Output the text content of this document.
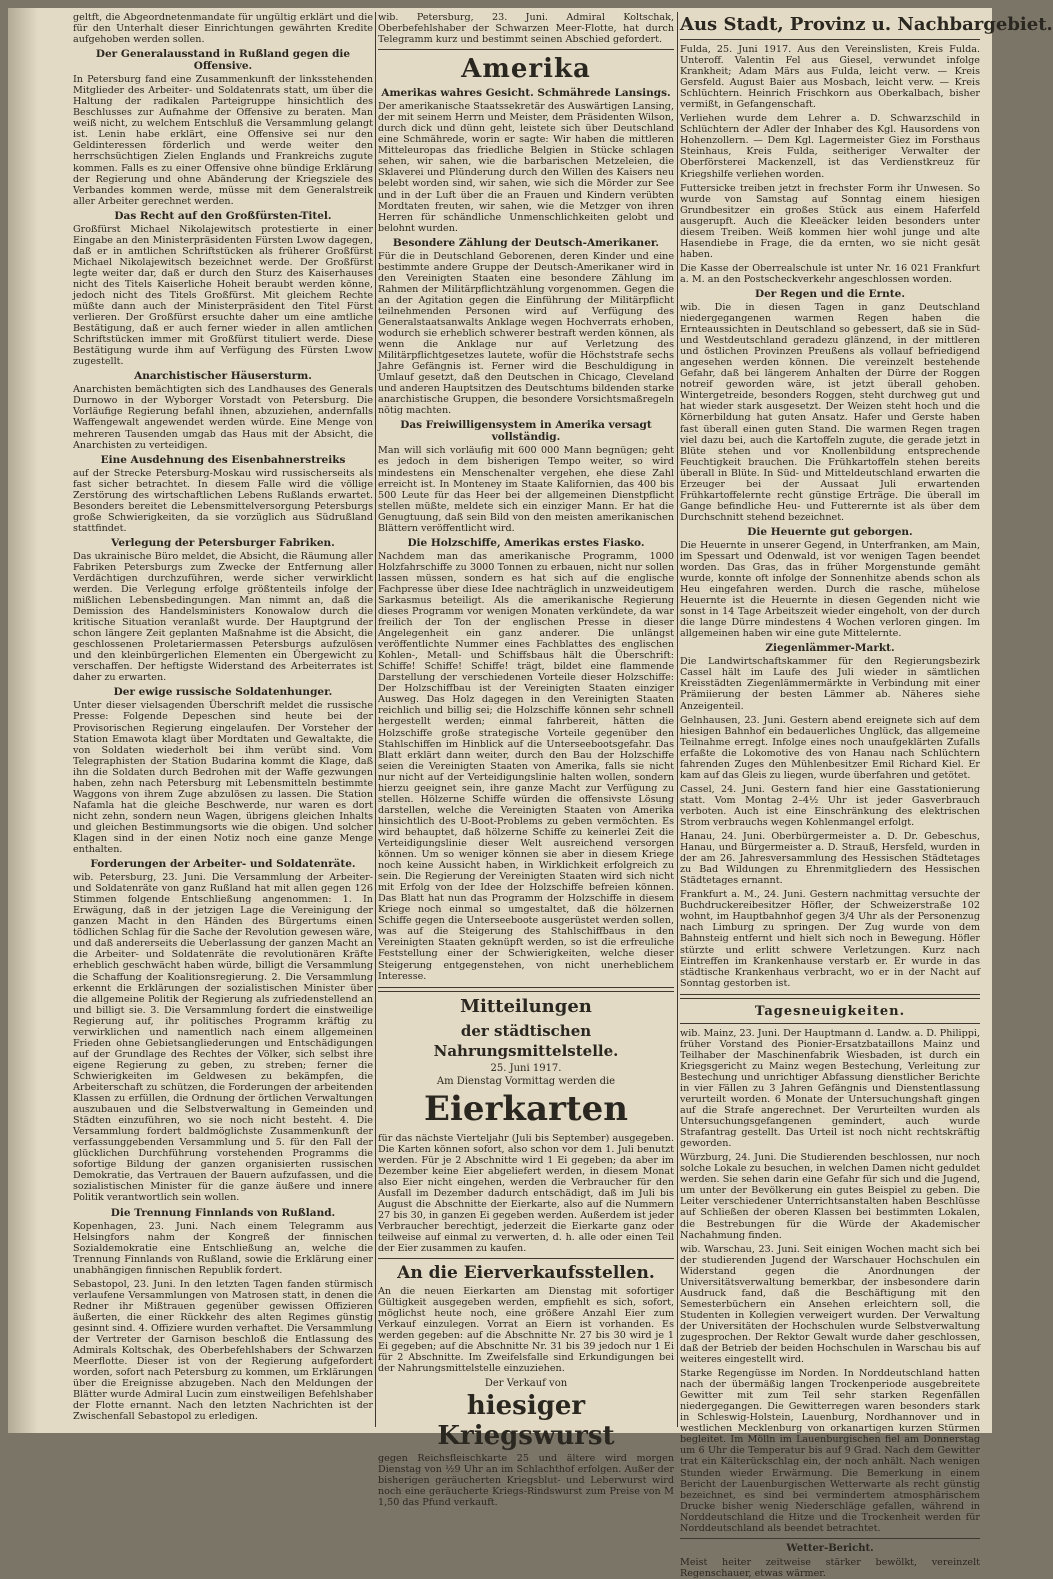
geltft, die Abgeordnetenmandate für ungültig erklärt und die für den Unterhalt dieser Einrichtungen gewährten Kredite aufgehoben werden sollen.

Der Generalausstand in Rußland gegen die Offensive.

In Petersburg fand eine Zusammenkunft der linksstehenden Mitglieder des Arbeiter- und Soldatenrats statt, um über die Haltung der radikalen Parteigruppe hinsichtlich des Beschlusses zur Aufnahme der Offensive zu beraten. Man weiß nicht, zu welchem Entschluß die Versammlung gelangt ist. Lenin habe erklärt, eine Offensive sei nur den Geldinteressen förderlich und werde weiter den herrschsüchtigen Zielen Englands und Frankreichs zugute kommen. Falls es zu einer Offensive ohne bündige Erklärung der Regierung und ohne Abänderung der Kriegsziele des Verbandes kommen werde, müsse mit dem Generalstreik aller Arbeiter gerechnet werden.

Das Recht auf den Großfürsten-Titel.

Großfürst Michael Nikolajewitsch protestierte in einer Eingabe an den Ministerpräsidenten Fürsten Lwow dagegen, daß er in amtlichen Schriftstücken als früherer Großfürst Michael Nikolajewitsch bezeichnet werde. Der Großfürst legte weiter dar, daß er durch den Sturz des Kaiserhauses nicht des Titels Kaiserliche Hoheit beraubt werden könne, jedoch nicht des Titels Großfürst. Mit gleichem Rechte müßte dann auch der Ministerpräsident den Titel Fürst verlieren. Der Großfürst ersuchte daher um eine amtliche Bestätigung, daß er auch ferner wieder in allen amtlichen Schriftstücken immer mit Großfürst tituliert werde. Diese Bestätigung wurde ihm auf Verfügung des Fürsten Lwow zugestellt.

Anarchistischer Häusersturm.

Anarchisten bemächtigten sich des Landhauses des Generals Durnowo in der Wyborger Vorstadt von Petersburg. Die Vorläufige Regierung befahl ihnen, abzuziehen, andernfalls Waffengewalt angewendet werden würde. Eine Menge von mehreren Tausenden umgab das Haus mit der Absicht, die Anarchisten zu verteidigen.

Eine Ausdehnung des Eisenbahnerstreiks

auf der Strecke Petersburg-Moskau wird russischerseits als fast sicher betrachtet. In diesem Falle wird die völlige Zerstörung des wirtschaftlichen Lebens Rußlands erwartet. Besonders bereitet die Lebensmittelversorgung Petersburgs große Schwierigkeiten, da sie vorzüglich aus Südrußland stattfindet.

Verlegung der Petersburger Fabriken.

Das ukrainische Büro meldet, die Absicht, die Räumung aller Fabriken Petersburgs zum Zwecke der Entfernung aller Verdächtigen durchzuführen, werde sicher verwirklicht werden. Die Verlegung erfolge größtenteils infolge der mißlichen Lebensbedingungen. Man nimmt an, daß die Demission des Handelsministers Konowalow durch die kritische Situation veranlaßt wurde. Der Hauptgrund der schon längere Zeit geplanten Maßnahme ist die Absicht, die geschlossenen Proletariermassen Petersburgs aufzulösen und den kleinbürgerlichen Elementen ein Übergewicht zu verschaffen. Der heftigste Widerstand des Arbeiterrates ist daher zu erwarten.

Der ewige russische Soldatenhunger.

Unter dieser vielsagenden Überschrift meldet die russische Presse: Folgende Depeschen sind heute bei der Provisorischen Regierung eingelaufen. Der Vorsteher der Station Emawota klagt über Mordtaten und Gewaltakte, die von Soldaten wiederholt bei ihm verübt sind. Vom Telegraphisten der Station Budarina kommt die Klage, daß ihn die Soldaten durch Bedrohen mit der Waffe gezwungen haben, zehn nach Petersburg mit Lebensmitteln bestimmte Waggons von ihrem Zuge abzulösen zu lassen. Die Station Nafamla hat die gleiche Beschwerde, nur waren es dort nicht zehn, sondern neun Wagen, übrigens gleichen Inhalts und gleichen Bestimmungsorts wie die obigen. Und solcher Klagen sind in der einen Notiz noch eine ganze Menge enthalten.

Forderungen der Arbeiter- und Soldatenräte.

wib. Petersburg, 23. Juni. Die Versammlung der Arbeiter- und Soldatenräte von ganz Rußland hat mit allen gegen 126 Stimmen folgende Entschließung angenommen: 1. In Erwägung, daß in der jetzigen Lage die Vereinigung der ganzen Macht in den Händen des Bürgertums einen tödlichen Schlag für die Sache der Revolution gewesen wäre, und daß andererseits die Ueberlassung der ganzen Macht an die Arbeiter- und Soldatenräte die revolutionären Kräfte erheblich geschwächt haben würde, billigt die Versammlung die Schaffung der Koalitionsregierung. 2. Die Versammlung erkennt die Erklärungen der sozialistischen Minister über die allgemeine Politik der Regierung als zufriedenstellend an und billigt sie. 3. Die Versammlung fordert die einstweilige Regierung auf, ihr politisches Programm kräftig zu verwirklichen und namentlich nach einem allgemeinen Frieden ohne Gebietsangliederungen und Entschädigungen auf der Grundlage des Rechtes der Völker, sich selbst ihre eigene Regierung zu geben, zu streben; ferner die Schwierigkeiten im Geldwesen zu bekämpfen, die Arbeiterschaft zu schützen, die Forderungen der arbeitenden Klassen zu erfüllen, die Ordnung der örtlichen Verwaltungen auszubauen und die Selbstverwaltung in Gemeinden und Städten einzuführen, wo sie noch nicht besteht. 4. Die Versammlung fordert baldmöglichste Zusammenkunft der verfassunggebenden Versammlung und 5. für den Fall der glücklichen Durchführung vorstehenden Programms die sofortige Bildung der ganzen organisierten russischen Demokratie, das Vertrauen der Bauern aufzufassen, und die sozialistischen Minister für die ganze äußere und innere Politik verantwortlich sein wollen.

Die Trennung Finnlands von Rußland.

Kopenhagen, 23. Juni. Nach einem Telegramm aus Helsingfors nahm der Kongreß der finnischen Sozialdemokratie eine Entschließung an, welche die Trennung Finnlands von Rußland, sowie die Erklärung einer unabhängigen finnischen Republik fordert.

Sebastopol, 23. Juni. In den letzten Tagen fanden stürmisch verlaufene Versammlungen von Matrosen statt, in denen die Redner ihr Mißtrauen gegenüber gewissen Offizieren äußerten, die einer Rückkehr des alten Regimes günstig gesinnt sind. 4. Offiziere wurden verhaftet. Die Versammlung der Vertreter der Garnison beschloß die Entlassung des Admirals Koltschak, des Oberbefehlshabers der Schwarzen Meerflotte. Dieser ist von der Regierung aufgefordert worden, sofort nach Petersburg zu kommen, um Erklärungen über die Ereignisse abzugeben. Nach den Meldungen der Blätter wurde Admiral Lucin zum einstweiligen Befehlshaber der Flotte ernannt. Nach den letzten Nachrichten ist der Zwischenfall Sebastopol zu erledigen.

wib. Petersburg, 23. Juni. Admiral Koltschak, Oberbefehlshaber der Schwarzen Meer-Flotte, hat durch Telegramm kurz und bestimmt seinen Abschied gefordert.

Amerika
Amerikas wahres Gesicht. Schmährede Lansings.

Der amerikanische Staatssekretär des Auswärtigen Lansing, der mit seinem Herrn und Meister, dem Präsidenten Wilson, durch dick und dünn geht, leistete sich über Deutschland eine Schmährede, worin er sagte: Wir haben die mittleren Mitteleuropas das friedliche Belgien in Stücke schlagen sehen, wir sahen, wie die barbarischen Metzeleien, die Sklaverei und Plünderung durch den Willen des Kaisers neu belebt worden sind, wir sahen, wie sich die Mörder zur See und in der Luft über die an Frauen und Kindern verübten Mordtaten freuten, wir sahen, wie die Metzger von ihren Herren für schändliche Unmenschlichkeiten gelobt und belohnt wurden.

Besondere Zählung der Deutsch-Amerikaner.

Für die in Deutschland Geborenen, deren Kinder und eine bestimmte andere Gruppe der Deutsch-Amerikaner wird in den Vereinigten Staaten eine besondere Zählung im Rahmen der Militärpflichtzählung vorgenommen. Gegen die an der Agitation gegen die Einführung der Militärpflicht teilnehmenden Personen wird auf Verfügung des Generalstaatsanwalts Anklage wegen Hochverrats erhoben, wodurch sie erheblich schwerer bestraft werden können, als wenn die Anklage nur auf Verletzung des Militärpflichtgesetzes lautete, wofür die Höchststrafe sechs Jahre Gefängnis ist. Ferner wird die Beschuldigung in Umlauf gesetzt, daß den Deutschen in Chicago, Cleveland und anderen Hauptsitzen des Deutschtums bildenden starke anarchistische Gruppen, die besondere Vorsichtsmaßregeln nötig machten.

Das Freiwilligensystem in Amerika versagt vollständig.

Man will sich vorläufig mit 600 000 Mann begnügen; geht es jedoch in dem bisherigen Tempo weiter, so wird mindestens ein Menschenalter vergehen, ehe diese Zahl erreicht ist. In Monteney im Staate Kalifornien, das 400 bis 500 Leute für das Heer bei der allgemeinen Dienstpflicht stellen müßte, meldete sich ein einziger Mann. Er hat die Genugtuung, daß sein Bild von den meisten amerikanischen Blättern veröffentlicht wird.

Die Holzschiffe, Amerikas erstes Fiasko.

Nachdem man das amerikanische Programm, 1000 Holzfahrschiffe zu 3000 Tonnen zu erbauen, nicht nur sollen lassen müssen, sondern es hat sich auf die englische Fachpresse über diese Idee nachträglich in unzweideutigem Sarkasmus beteiligt. Als die amerikanische Regierung dieses Programm vor wenigen Monaten verkündete, da war freilich der Ton der englischen Presse in dieser Angelegenheit ein ganz anderer. Die unlängst veröffentlichte Nummer eines Fachblattes des englischen Kohlen-, Metall- und Schiffsbaus hält die Überschrift: Schiffe! Schiffe! Schiffe! trägt, bildet eine flammende Darstellung der verschiedenen Vorteile dieser Holzschiffe: Der Holzschiffbau ist der Vereinigten Staaten einziger Ausweg. Das Holz dagegen in den Vereinigten Staaten reichlich und billig sei; die Holzschiffe können sehr schnell hergestellt werden; einmal fahrbereit, hätten die Holzschiffe große strategische Vorteile gegenüber den Stahlschiffen im Hinblick auf die Unterseebootsgefahr. Das Blatt erklärt dann weiter, durch den Bau der Holzschiffe seien die Vereinigten Staaten von Amerika, falls sie nicht nur nicht auf der Verteidigungslinie halten wollen, sondern hierzu geeignet sein, ihre ganze Macht zur Verfügung zu stellen. Hölzerne Schiffe würden die offensivste Lösung darstellen, welche die Vereinigten Staaten von Amerika hinsichtlich des U-Boot-Problems zu geben vermöchten. Es wird behauptet, daß hölzerne Schiffe zu keinerlei Zeit die Verteidigungslinie dieser Welt ausreichend versorgen können. Um so weniger können sie aber in diesem Kriege noch keine Aussicht haben, in Wirklichkeit erfolgreich zu sein. Die Regierung der Vereinigten Staaten wird sich nicht mit Erfolg von der Idee der Holzschiffe befreien können. Das Blatt hat nun das Programm der Holzschiffe in diesem Kriege noch einmal so umgestaltet, daß die hölzernen Schiffe gegen die Unterseeboote ausgerüstet werden sollen, was auf die Steigerung des Stahlschiffbaus in den Vereinigten Staaten geknüpft werden, so ist die erfreuliche Feststellung einer der Schwierigkeiten, welche dieser Steigerung entgegenstehen, von nicht unerheblichem Interesse.

Mitteilungen
der städtischen Nahrungsmittelstelle.
25. Juni 1917.
Am Dienstag Vormittag werden die
Eierkarten

für das nächste Vierteljahr (Juli bis September) ausgegeben. Die Karten können sofort, also schon vor dem 1. Juli benutzt werden. Für je 2 Abschnitte wird 1 Ei gegeben; da aber im Dezember keine Eier abgeliefert werden, in diesem Monat also Eier nicht eingehen, werden die Verbraucher für den Ausfall im Dezember dadurch entschädigt, daß im Juli bis August die Abschnitte der Eierkarte, also auf die Nummern 27 bis 30, in ganzen Ei gegeben werden. Außerdem ist jeder Verbraucher berechtigt, jederzeit die Eierkarte ganz oder teilweise auf einmal zu verwerten, d. h. alle oder einen Teil der Eier zusammen zu kaufen.

An die Eierverkaufsstellen.

An die neuen Eierkarten am Dienstag mit sofortiger Gültigkeit ausgegeben werden, empfiehlt es sich, sofort, möglichst heute noch, eine größere Anzahl Eier zum Verkauf einzulegen. Vorrat an Eiern ist vorhanden. Es werden gegeben: auf die Abschnitte Nr. 27 bis 30 wird je 1 Ei gegeben; auf die Abschnitte Nr. 31 bis 39 jedoch nur 1 Ei für 2 Abschnitte. Im Zweifelsfalle sind Erkundigungen bei der Nahrungsmittelstelle einzuziehen.

Der Verkauf von
hiesiger Kriegswurst

gegen Reichsfleischkarte 25 und ältere wird morgen Dienstag von ½9 Uhr an im Schlachthof erfolgen. Außer der bisherigen geräucherten Kriegsblut- und Leberwurst wird noch eine geräucherte Kriegs-Rindswurst zum Preise von M 1,50 das Pfund verkauft.

Aus Stadt, Provinz u. Nachbargebiet.

Fulda, 25. Juni 1917. Aus den Vereinslisten, Kreis Fulda. Unteroff. Valentin Fel aus Giesel, verwundet infolge Krankheit; Adam Märs aus Fulda, leicht verw. — Kreis Gersfeld. August Baier aus Mosbach, leicht verw. — Kreis Schlüchtern. Heinrich Frischkorn aus Oberkalbach, bisher vermißt, in Gefangenschaft.

Verliehen wurde dem Lehrer a. D. Schwarzschild in Schlüchtern der Adler der Inhaber des Kgl. Hausordens von Hohenzollern. — Dem Kgl. Lagermeister Giez im Forsthaus Steinhaus, Kreis Fulda, seitheriger Verwalter der Oberförsterei Mackenzell, ist das Verdienstkreuz für Kriegshilfe verliehen worden.

Futtersicke treiben jetzt in frechster Form ihr Unwesen. So wurde von Samstag auf Sonntag einem hiesigen Grundbesitzer ein großes Stück aus einem Haferfeld ausgerupft. Auch die Kleeäcker leiden besonders unter diesem Treiben. Weiß kommen hier wohl junge und alte Hasendiebe in Frage, die da ernten, wo sie nicht gesät haben.

Die Kasse der Oberrealschule ist unter Nr. 16 021 Frankfurt a. M. an den Postscheckverkehr angeschlossen worden.

Der Regen und die Ernte.

wib. Die in diesen Tagen in ganz Deutschland niedergegangenen warmen Regen haben die Ernteaussichten in Deutschland so gebessert, daß sie in Süd- und Westdeutschland geradezu glänzend, in der mittleren und östlichen Provinzen Preußens als vollauf befriedigend angesehen werden können. Die vereinzelt bestehende Gefahr, daß bei längerem Anhalten der Dürre der Roggen notreif geworden wäre, ist jetzt überall gehoben. Wintergetreide, besonders Roggen, steht durchweg gut und hat wieder stark ausgesetzt. Der Weizen steht hoch und die Körnerbildung hat guten Ansatz. Hafer und Gerste haben fast überall einen guten Stand. Die warmen Regen tragen viel dazu bei, auch die Kartoffeln zugute, die gerade jetzt in Blüte stehen und vor Knollenbildung entsprechende Feuchtigkeit brauchen. Die Frühkartoffeln stehen bereits überall in Blüte. In Süd- und Mitteldeutschland erwarten die Erzeuger bei der Aussaat Juli erwartenden Frühkartoffelernte recht günstige Erträge. Die überall im Gange befindliche Heu- und Futterernte ist als über dem Durchschnitt stehend bezeichnet.

Die Heuernte gut geborgen.

Die Heuernte in unserer Gegend, in Unterfranken, am Main, im Spessart und Odenwald, ist vor wenigen Tagen beendet worden. Das Gras, das in früher Morgenstunde gemäht wurde, konnte oft infolge der Sonnenhitze abends schon als Heu eingefahren werden. Durch die rasche, mühelose Heuernte ist die Heuernte in diesen Gegenden nicht wie sonst in 14 Tage Arbeitszeit wieder eingeholt, von der durch die lange Dürre mindestens 4 Wochen verloren gingen. Im allgemeinen haben wir eine gute Mittelernte.

Ziegenlämmer-Markt.

Die Landwirtschaftskammer für den Regierungsbezirk Cassel hält im Laufe des Juli wieder in sämtlichen Kreisstädten Ziegenlämmermärkte in Verbindung mit einer Prämiierung der besten Lämmer ab. Näheres siehe Anzeigenteil.

Gelnhausen, 23. Juni. Gestern abend ereignete sich auf dem hiesigen Bahnhof ein bedauerliches Unglück, das allgemeine Teilnahme erregt. Infolge eines noch unaufgeklärten Zufalls erfaßte die Lokomotive des von Hanau nach Schlüchtern fahrenden Zuges den Mühlenbesitzer Emil Richard Kiel. Er kam auf das Gleis zu liegen, wurde überfahren und getötet.

Cassel, 24. Juni. Gestern fand hier eine Gasstationierung statt. Vom Montag 2–4½ Uhr ist jeder Gasverbrauch verboten. Auch ist eine Einschränkung des elektrischen Strom verbrauchs wegen Kohlenmangel erfolgt.

Hanau, 24. Juni. Oberbürgermeister a. D. Dr. Gebeschus, Hanau, und Bürgermeister a. D. Strauß, Hersfeld, wurden in der am 26. Jahresversammlung des Hessischen Städtetages zu Bad Wildungen zu Ehrenmitgliedern des Hessischen Städtetages ernannt.

Frankfurt a. M., 24. Juni. Gestern nachmittag versuchte der Buchdruckereibesitzer Höfler, der Schweizerstraße 102 wohnt, im Hauptbahnhof gegen 3/4 Uhr als der Personenzug nach Limburg zu springen. Der Zug wurde von dem Bahnsteig entfernt und hielt sich noch in Bewegung. Höfler stürzte und erlitt schwere Verletzungen. Kurz nach Eintreffen im Krankenhause verstarb er. Er wurde in das städtische Krankenhaus verbracht, wo er in der Nacht auf Sonntag gestorben ist.

Tagesneuigkeiten.

wib. Mainz, 23. Juni. Der Hauptmann d. Landw. a. D. Philippi, früher Vorstand des Pionier-Ersatzbataillons Mainz und Teilhaber der Maschinenfabrik Wiesbaden, ist durch ein Kriegsgericht zu Mainz wegen Bestechung, Verleitung zur Bestechung und unrichtiger Abfassung dienstlicher Berichte in vier Fällen zu 3 Jahren Gefängnis und Dienstentlassung verurteilt worden. 6 Monate der Untersuchungshaft gingen auf die Strafe angerechnet. Der Verurteilten wurden als Untersuchungsgefangenen gemindert, auch wurde Strafantrag gestellt. Das Urteil ist noch nicht rechtskräftig geworden.

Würzburg, 24. Juni. Die Studierenden beschlossen, nur noch solche Lokale zu besuchen, in welchen Damen nicht geduldet werden. Sie sehen darin eine Gefahr für sich und die Jugend, um unter der Bevölkerung ein gutes Beispiel zu geben. Die Leiter verschiedener Unterrichtsanstalten haben Beschlüsse auf Schließen der oberen Klassen bei bestimmten Lokalen, die Bestrebungen für die Würde der Akademischer Nachahmung finden.

wib. Warschau, 23. Juni. Seit einigen Wochen macht sich bei der studierenden Jugend der Warschauer Hochschulen ein Widerstand gegen die Anordnungen der Universitätsverwaltung bemerkbar, der insbesondere darin Ausdruck fand, daß die Beschäftigung mit den Semesterbüchern ein Ansehen erleichtern soll, die Studenten in Kollegien verweigert wurden. Der Verwaltung der Universitäten der Hochschulen wurde Selbstverwaltung zugesprochen. Der Rektor Gewalt wurde daher geschlossen, daß der Betrieb der beiden Hochschulen in Warschau bis auf weiteres eingestellt wird.

Starke Regengüsse im Norden. In Norddeutschland hatten nach der übermäßig langen Trockenperiode ausgebreitete Gewitter mit zum Teil sehr starken Regenfällen niedergegangen. Die Gewitterregen waren besonders stark in Schleswig-Holstein, Lauenburg, Nordhannover und in westlichen Mecklenburg von orkanartigen kurzen Stürmen begleitet. Im Mölln im Lauenburgischen fiel am Donnerstag um 6 Uhr die Temperatur bis auf 9 Grad. Nach dem Gewitter trat ein Kälterückschlag ein, der noch anhält. Nach wenigen Stunden wieder Erwärmung. Die Bemerkung in einem Bericht der Lauenburgischen Wetterwarte als recht günstig bezeichnet, es sind bei vermindertem atmosphärischem Drucke bisher wenig Niederschläge gefallen, während in Norddeutschland die Hitze und die Trockenheit werden für Norddeutschland als beendet betrachtet.

Wetter-Bericht.

Meist heiter zeitweise stärker bewölkt, vereinzelt Regenschauer, etwas wärmer.
